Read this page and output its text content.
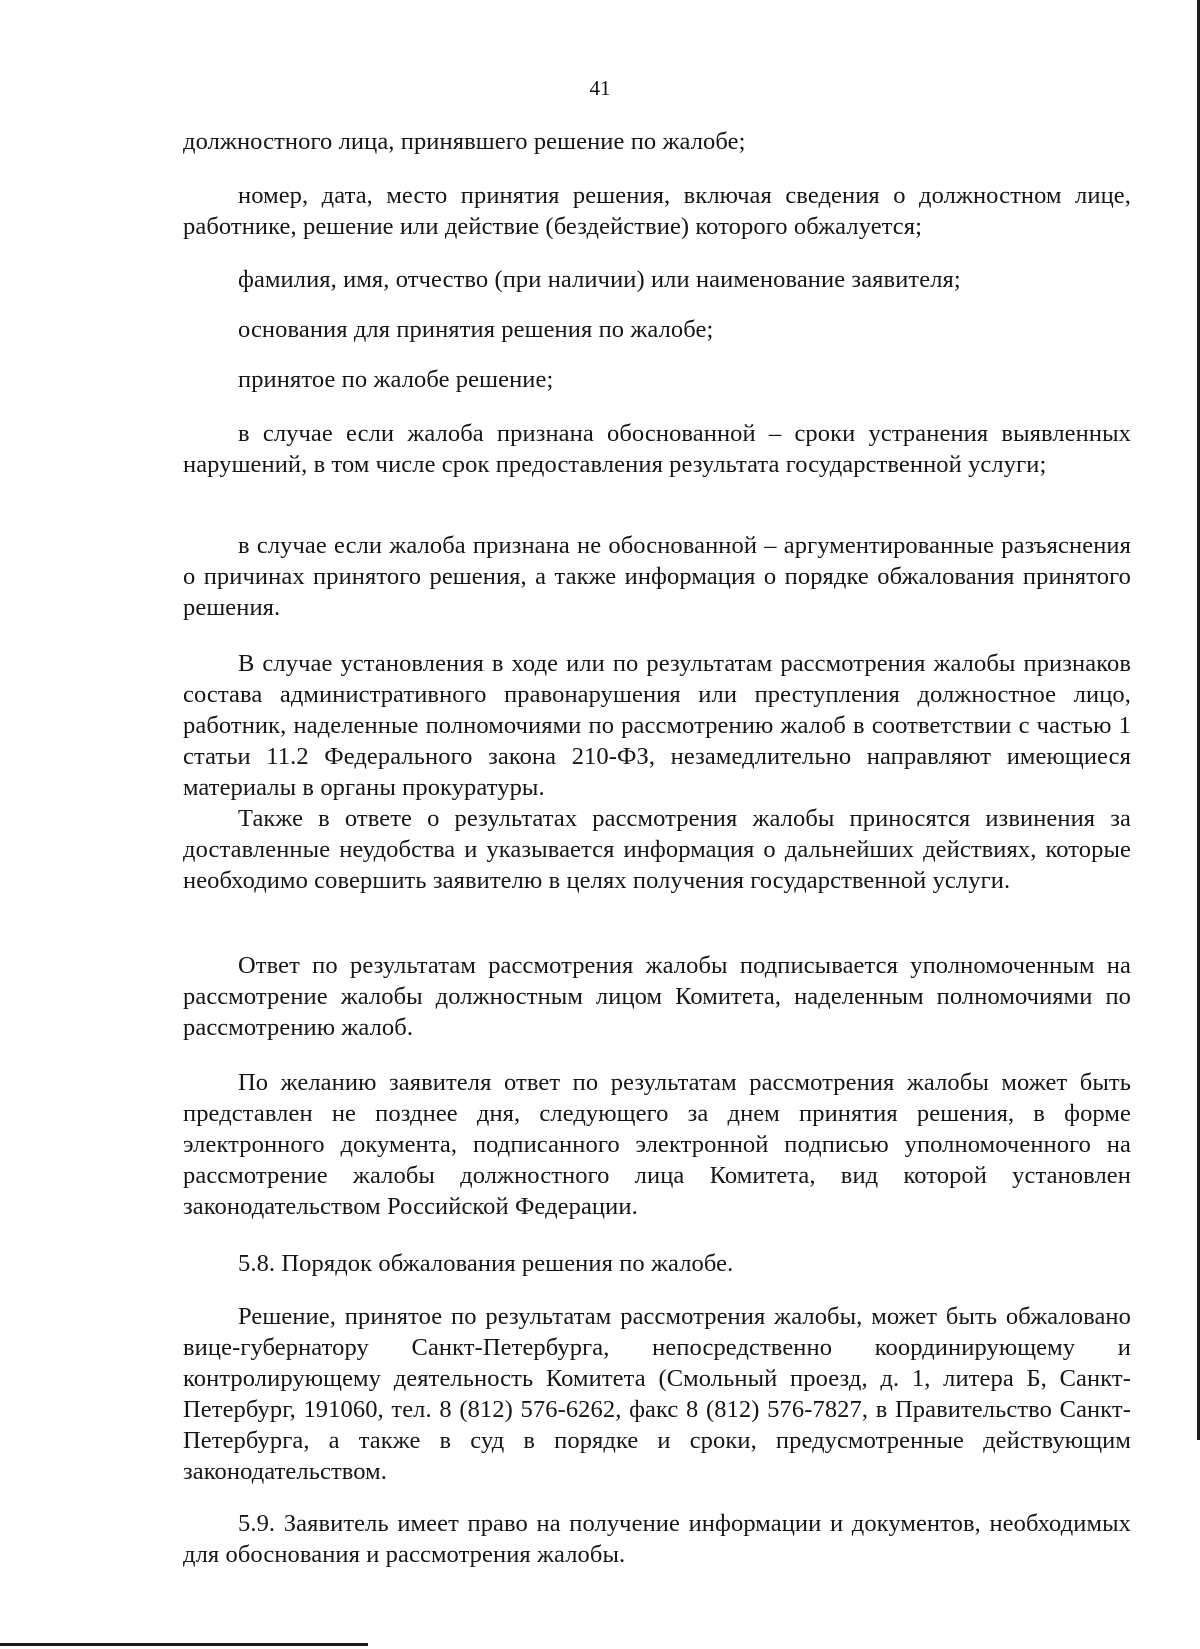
41

должностного лица, принявшего решение по жалобе;

номер, дата, место принятия решения, включая сведения о должностном лице, работнике, решение или действие (бездействие) которого обжалуется;

фамилия, имя, отчество (при наличии) или наименование заявителя;

основания для принятия решения по жалобе;

принятое по жалобе решение;

в случае если жалоба признана обоснованной – сроки устранения выявленных нарушений, в том числе срок предоставления результата государственной услуги;

в случае если жалоба признана не обоснованной – аргументированные разъяснения о причинах принятого решения, а также информация о порядке обжалования принятого решения.

В случае установления в ходе или по результатам рассмотрения жалобы признаков состава административного правонарушения или преступления должностное лицо, работник, наделенные полномочиями по рассмотрению жалоб в соответствии с частью 1 статьи 11.2 Федерального закона 210-ФЗ, незамедлительно направляют имеющиеся материалы в органы прокуратуры.

Также в ответе о результатах рассмотрения жалобы приносятся извинения за доставленные неудобства и указывается информация о дальнейших действиях, которые необходимо совершить заявителю в целях получения государственной услуги.

Ответ по результатам рассмотрения жалобы подписывается уполномоченным на рассмотрение жалобы должностным лицом Комитета, наделенным полномочиями по рассмотрению жалоб.

По желанию заявителя ответ по результатам рассмотрения жалобы может быть представлен не позднее дня, следующего за днем принятия решения, в форме электронного документа, подписанного электронной подписью уполномоченного на рассмотрение жалобы должностного лица Комитета, вид которой установлен законодательством Российской Федерации.

5.8. Порядок обжалования решения по жалобе.

Решение, принятое по результатам рассмотрения жалобы, может быть обжаловано вице-губернатору Санкт-Петербурга, непосредственно координирующему и контролирующему деятельность Комитета (Смольный проезд, д. 1, литера Б, Санкт-Петербург, 191060, тел. 8 (812) 576-6262, факс 8 (812) 576-7827, в Правительство Санкт-Петербурга, а также в суд в порядке и сроки, предусмотренные действующим законодательством.

5.9. Заявитель имеет право на получение информации и документов, необходимых для обоснования и рассмотрения жалобы.
